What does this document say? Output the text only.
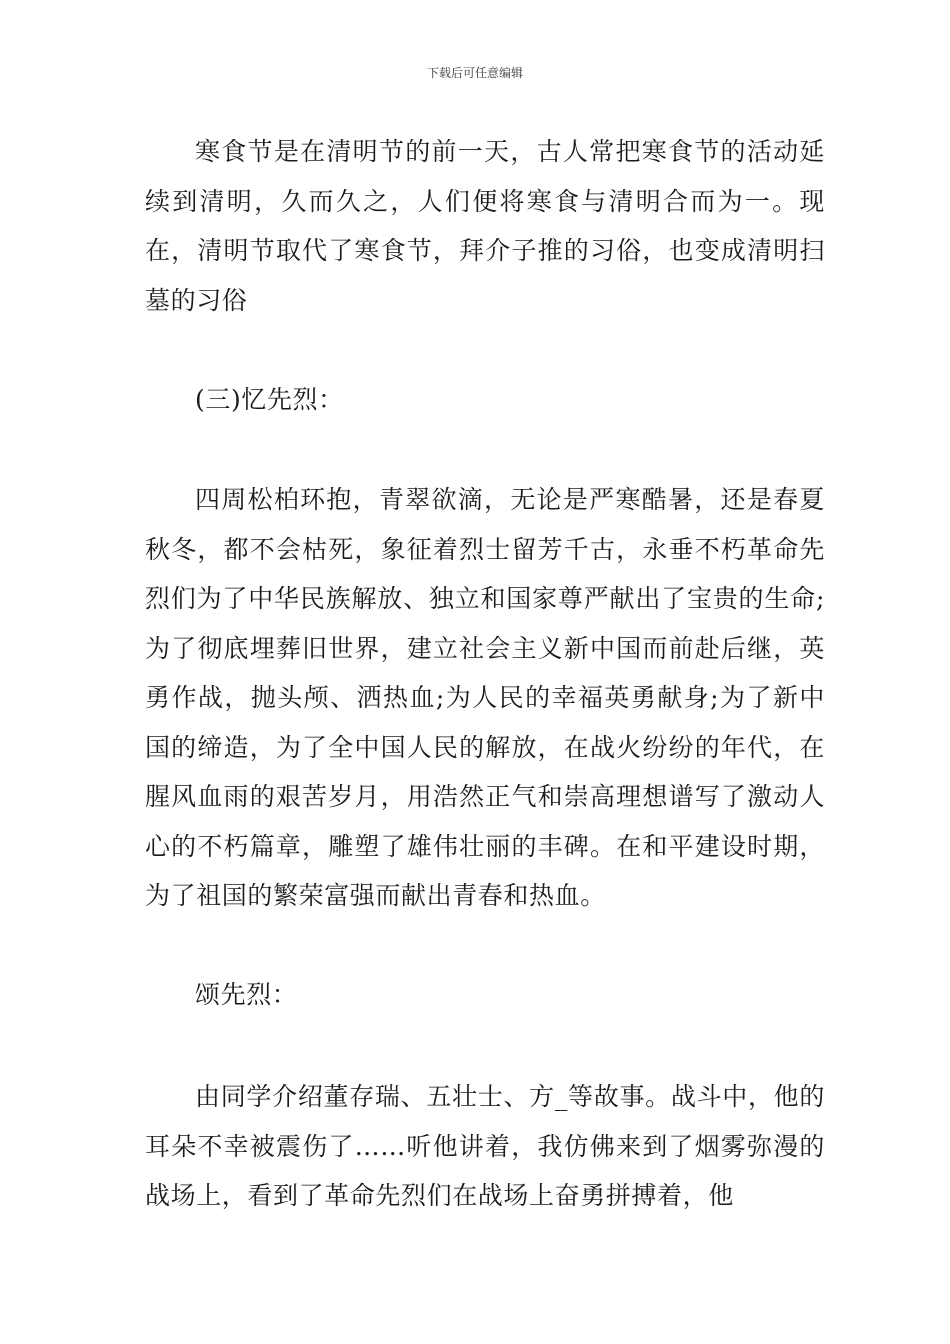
下载后可任意编辑

寒食节是在清明节的前一天，古人常把寒食节的活动延续到清明，久而久之，人们便将寒食与清明合而为一。现在，清明节取代了寒食节，拜介子推的习俗，也变成清明扫墓的习俗

(三)忆先烈：

四周松柏环抱，青翠欲滴，无论是严寒酷暑，还是春夏秋冬，都不会枯死，象征着烈士留芳千古，永垂不朽革命先烈们为了中华民族解放、独立和国家尊严献出了宝贵的生命;为了彻底埋葬旧世界，建立社会主义新中国而前赴后继，英勇作战，抛头颅、洒热血;为人民的幸福英勇献身;为了新中国的缔造，为了全中国人民的解放，在战火纷纷的年代，在腥风血雨的艰苦岁月，用浩然正气和崇高理想谱写了激动人心的不朽篇章，雕塑了雄伟壮丽的丰碑。在和平建设时期，为了祖国的繁荣富强而献出青春和热血。

颂先烈：

由同学介绍董存瑞、五壮士、方_等故事。战斗中，他的耳朵不幸被震伤了……听他讲着，我仿佛来到了烟雾弥漫的战场上，看到了革命先烈们在战场上奋勇拼搏着，他
